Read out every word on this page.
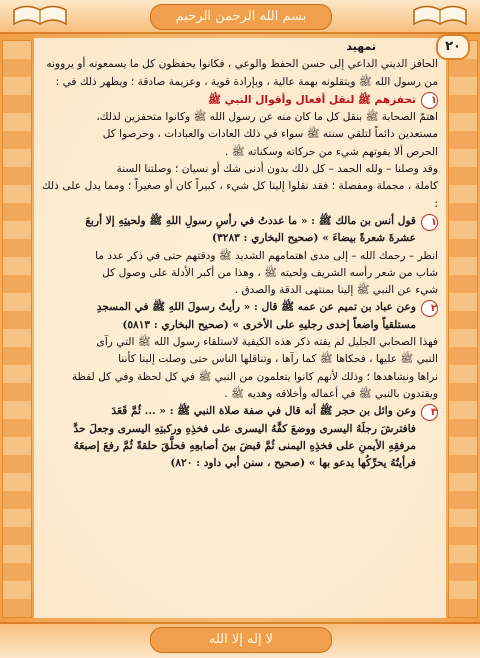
بسم الله الرحمن الرحيم

تمهيد

الحافز الديني الداعي إلى حسن الحفظ والوعي ، فكانوا يحفظون كل ما يسمعونه أو يروونه

من رسول الله ﷺ ويتقلونه بهمة عالية ، وبإرادة قوية ، وعزيمة صادقة ؛ ويظهر ذلك في :

١
تحفزهم ﷺ لنقل أفعال وأقوال النبي ﷺ

اهتمّ الصحابة ﷺ بنقل كل ما كان منه عن رسول الله ﷺ وكانوا متحفزين لذلك،

مستعدين دائماً لتلقي سنته ﷺ سواء في ذلك العادات والعبادات ، وحرصوا كل

الحرص ألا يفوتهم شيء من حركاته وسكناته ﷺ .

وقد وصلنا – ولله الحمد – كل ذلك بدون أدنى شك أو نسيان ؛ وصلتنا السنة

كاملة ، مجملة ومفصلة ؛ فقد نقلوا إلينا كل شيء ، كبيراً كان أو صغيراً ؛ ومما يدل على ذلك :

١

قول أنس بن مالك ﷺ : « ما عددتُ في رأسِ رسولِ اللهِ ﷺ ولحيتِهِ إلا أربعَ
عشرةَ شعرةً بيضاءَ » (صحيح البخاري : ٣٢٨٣)

انظر – رحمك الله – إلى مدى اهتمامهم الشديد ﷺ ودقتهم حتى في ذكر عدد ما

شاب من شعر رأسه الشريف ولحيته ﷺ ، وهذا من أكبر الأدلة على وصول كل

شيء عن النبي ﷺ إلينا بمنتهى الدقة والصدق .

٢

وعن عباد بن تميم عن عمه ﷺ قال : « رأيتُ رسولَ اللهِ ﷺ في المسجدِ
مستلقياً واضعاً إحدى رجليهِ على الأخرى » (صحيح البخاري : ٥٨١٣)

فهذا الصحابي الجليل لم يفته ذكر هذه الكيفية لاستلقاء رسول الله ﷺ التي رآى

النبي ﷺ عليها ، فحكاها ﷺ كما رآها ، وتناقلها الناس حتى وصلت إلينا كأننا

نراها ونشاهدها ؛ وذلك لأنهم كانوا يتعلمون من النبي ﷺ في كل لحظة وفي كل لفظة

ويقتدون بالنبي ﷺ في أعماله وأخلاقه وهديه ﷺ .

٣

وعن وائل بن حجر ﷺ أنه قال في صفة صلاة النبي ﷺ : « ... ثُمَّ قَعَدَ
فافترشَ رجلَهُ اليسرى ووضعَ كفَّهُ اليسرى على فخذِهِ وركبتِهِ اليسرى وجعلَ حدَّ
مرفقِهِ الأيمنِ على فخذِهِ اليمنى ثُمَّ قبضَ بينَ أصابعِهِ فحلَّقَ حلقةً ثُمَّ رفعَ إصبعَهُ
فرأيتُهُ يحرِّكُها يدعو بها » (صحيح ، سنن أبي داود : ٨٢٠)

٢٠
لا إله إلا الله
